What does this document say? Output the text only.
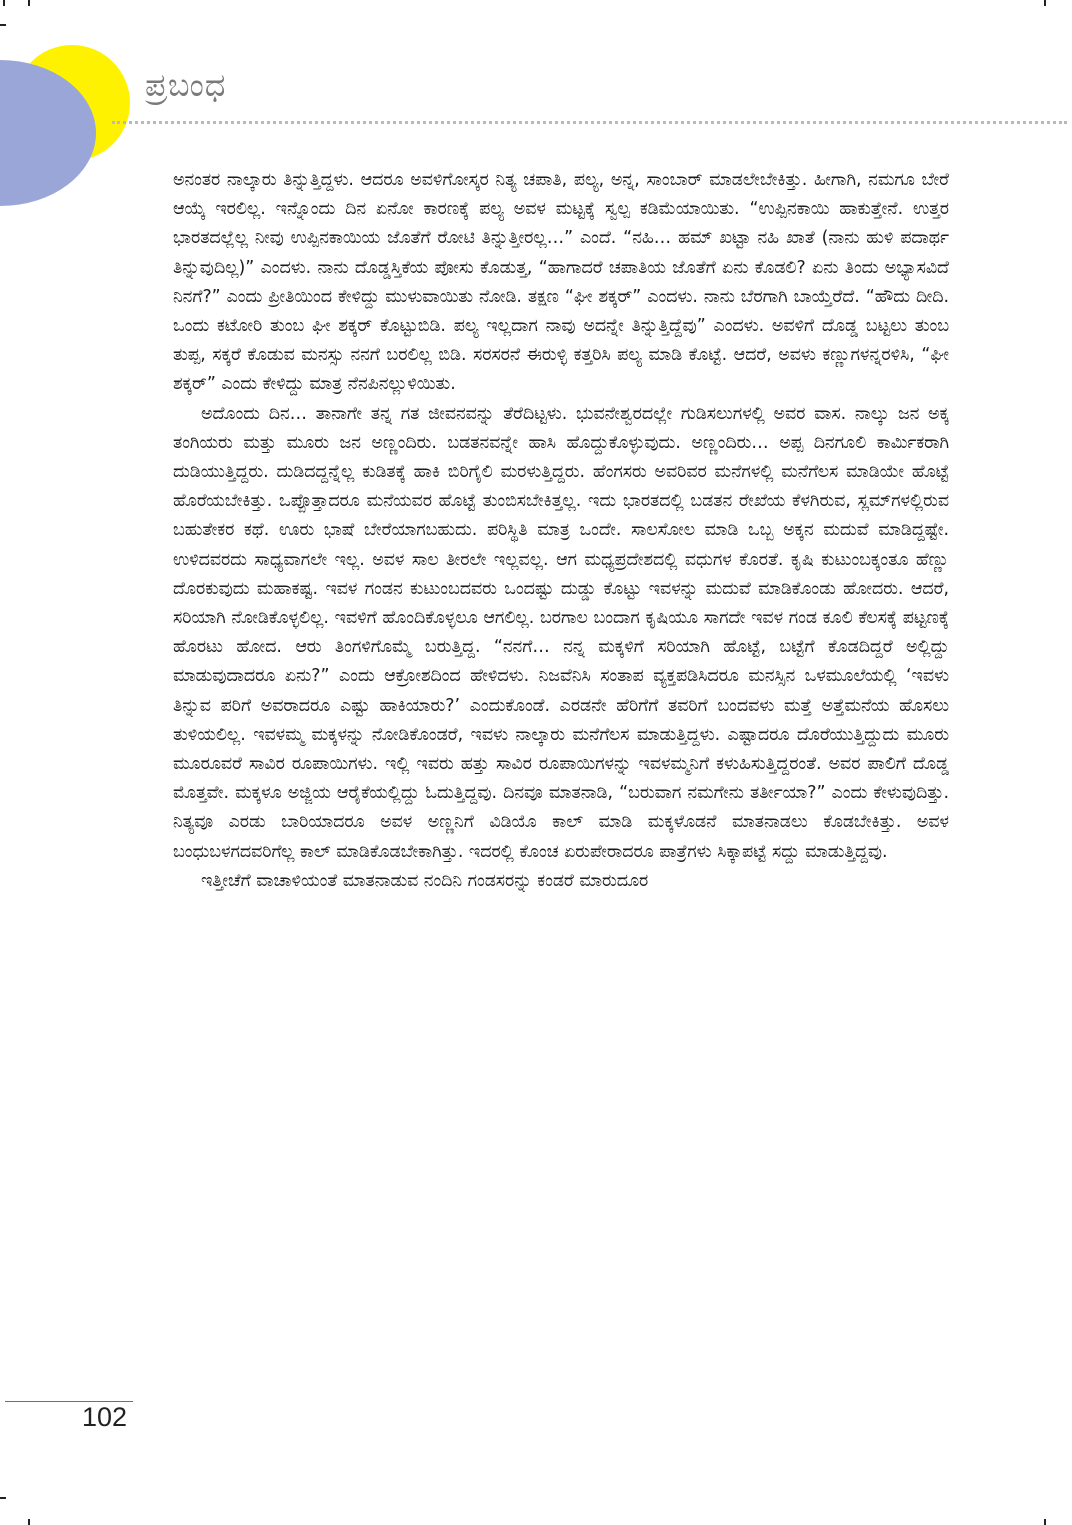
ಪ್ರಬಂಧ

ಅನಂತರ ನಾಲ್ಕಾರು ತಿನ್ನುತ್ತಿದ್ದಳು. ಆದರೂ ಅವಳಿಗೋಸ್ಕರ ನಿತ್ಯ ಚಪಾತಿ, ಪಲ್ಯ, ಅನ್ನ, ಸಾಂಬಾರ್ ಮಾಡಲೇಬೇಕಿತ್ತು. ಹೀಗಾಗಿ, ನಮಗೂ ಬೇರೆ ಆಯ್ಕೆ ಇರಲಿಲ್ಲ. ಇನ್ನೊಂದು ದಿನ ಏನೋ ಕಾರಣಕ್ಕೆ ಪಲ್ಯ ಅವಳ ಮಟ್ಟಕ್ಕೆ ಸ್ವಲ್ಪ ಕಡಿಮೆಯಾಯಿತು. “ಉಪ್ಪಿನಕಾಯಿ ಹಾಕುತ್ತೇನೆ. ಉತ್ತರ ಭಾರತದಲ್ಲೆಲ್ಲ ನೀವು ಉಪ್ಪಿನಕಾಯಿಯ ಜೊತೆಗೆ ರೋಟಿ ತಿನ್ನುತ್ತೀರಲ್ಲ…” ಎಂದೆ. “ನಹಿ… ಹಮ್ ಖಟ್ಟಾ ನಹಿ ಖಾತೆ (ನಾನು ಹುಳಿ ಪದಾರ್ಥ ತಿನ್ನುವುದಿಲ್ಲ)” ಎಂದಳು. ನಾನು ದೊಡ್ಡಸ್ತಿಕೆಯ ಪೋಸು ಕೊಡುತ್ತ, “ಹಾಗಾದರೆ ಚಪಾತಿಯ ಜೊತೆಗೆ ಏನು ಕೊಡಲಿ? ಏನು ತಿಂದು ಅಭ್ಯಾಸವಿದೆ ನಿನಗೆ?” ಎಂದು ಪ್ರೀತಿಯಿಂದ ಕೇಳಿದ್ದು ಮುಳುವಾಯಿತು ನೋಡಿ. ತಕ್ಷಣ “ಘೀ ಶಕ್ಕರ್” ಎಂದಳು. ನಾನು ಬೆರಗಾಗಿ ಬಾಯ್ತೆರೆದೆ. “ಹೌದು ದೀದಿ. ಒಂದು ಕಟೋರಿ ತುಂಬ ಘೀ ಶಕ್ಕರ್ ಕೊಟ್ಟುಬಿಡಿ. ಪಲ್ಯ ಇಲ್ಲದಾಗ ನಾವು ಅದನ್ನೇ ತಿನ್ನುತ್ತಿದ್ದೆವು” ಎಂದಳು. ಅವಳಿಗೆ ದೊಡ್ಡ ಬಟ್ಟಲು ತುಂಬ ತುಪ್ಪ, ಸಕ್ಕರೆ ಕೊಡುವ ಮನಸ್ಸು ನನಗೆ ಬರಲಿಲ್ಲ ಬಿಡಿ. ಸರಸರನೆ ಈರುಳ್ಳಿ ಕತ್ತರಿಸಿ ಪಲ್ಯ ಮಾಡಿ ಕೊಟ್ಟೆ. ಆದರೆ, ಅವಳು ಕಣ್ಣುಗಳನ್ನರಳಿಸಿ, “ಘೀ ಶಕ್ಕರ್” ಎಂದು ಕೇಳಿದ್ದು ಮಾತ್ರ ನೆನಪಿನಲ್ಲುಳಿಯಿತು.

ಅದೊಂದು ದಿನ… ತಾನಾಗೇ ತನ್ನ ಗತ ಜೀವನವನ್ನು ತೆರೆದಿಟ್ಟಳು. ಭುವನೇಶ್ವರದಲ್ಲೇ ಗುಡಿಸಲುಗಳಲ್ಲಿ ಅವರ ವಾಸ. ನಾಲ್ಕು ಜನ ಅಕ್ಕ ತಂಗಿಯರು ಮತ್ತು ಮೂರು ಜನ ಅಣ್ಣಂದಿರು. ಬಡತನವನ್ನೇ ಹಾಸಿ ಹೊದ್ದುಕೊಳ್ಳುವುದು. ಅಣ್ಣಂದಿರು… ಅಪ್ಪ ದಿನಗೂಲಿ ಕಾರ್ಮಿಕರಾಗಿ ದುಡಿಯುತ್ತಿದ್ದರು. ದುಡಿದದ್ದನ್ನೆಲ್ಲ ಕುಡಿತಕ್ಕೆ ಹಾಕಿ ಬಿರಿಗೈಲಿ ಮರಳುತ್ತಿದ್ದರು. ಹೆಂಗಸರು ಅವರಿವರ ಮನೆಗಳಲ್ಲಿ ಮನೆಗೆಲಸ ಮಾಡಿಯೇ ಹೊಟ್ಟೆ ಹೊರೆಯಬೇಕಿತ್ತು. ಒಪ್ಪೊತ್ತಾದರೂ ಮನೆಯವರ ಹೊಟ್ಟೆ ತುಂಬಿಸಬೇಕಿತ್ತಲ್ಲ. ಇದು ಭಾರತದಲ್ಲಿ ಬಡತನ ರೇಖೆಯ ಕೆಳಗಿರುವ, ಸ್ಲಮ್‌ಗಳಲ್ಲಿರುವ ಬಹುತೇಕರ ಕಥೆ. ಊರು ಭಾಷೆ ಬೇರೆಯಾಗಬಹುದು. ಪರಿಸ್ಥಿತಿ ಮಾತ್ರ ಒಂದೇ. ಸಾಲಸೋಲ ಮಾಡಿ ಒಬ್ಬ ಅಕ್ಕನ ಮದುವೆ ಮಾಡಿದ್ದಷ್ಟೇ. ಉಳಿದವರದು ಸಾಧ್ಯವಾಗಲೇ ಇಲ್ಲ. ಅವಳ ಸಾಲ ತೀರಲೇ ಇಲ್ಲವಲ್ಲ. ಆಗ ಮಧ್ಯಪ್ರದೇಶದಲ್ಲಿ ವಧುಗಳ ಕೊರತೆ. ಕೃಷಿ ಕುಟುಂಬಕ್ಕಂತೂ ಹೆಣ್ಣು ದೊರಕುವುದು ಮಹಾಕಷ್ಟ. ಇವಳ ಗಂಡನ ಕುಟುಂಬದವರು ಒಂದಷ್ಟು ದುಡ್ಡು ಕೊಟ್ಟು ಇವಳನ್ನು ಮದುವೆ ಮಾಡಿಕೊಂಡು ಹೋದರು. ಆದರೆ, ಸರಿಯಾಗಿ ನೋಡಿಕೊಳ್ಳಲಿಲ್ಲ. ಇವಳಿಗೆ ಹೊಂದಿಕೊಳ್ಳಲೂ ಆಗಲಿಲ್ಲ. ಬರಗಾಲ ಬಂದಾಗ ಕೃಷಿಯೂ ಸಾಗದೇ ಇವಳ ಗಂಡ ಕೂಲಿ ಕೆಲಸಕ್ಕೆ ಪಟ್ಟಣಕ್ಕೆ ಹೊರಟು ಹೋದ. ಆರು ತಿಂಗಳಿಗೊಮ್ಮೆ ಬರುತ್ತಿದ್ದ. “ನನಗೆ… ನನ್ನ ಮಕ್ಕಳಿಗೆ ಸರಿಯಾಗಿ ಹೊಟ್ಟೆ, ಬಟ್ಟೆಗೆ ಕೊಡದಿದ್ದರೆ ಅಲ್ಲಿದ್ದು ಮಾಡುವುದಾದರೂ ಏನು?” ಎಂದು ಆಕ್ರೋಶದಿಂದ ಹೇಳಿದಳು. ನಿಜವೆನಿಸಿ ಸಂತಾಪ ವ್ಯಕ್ತಪಡಿಸಿದರೂ ಮನಸ್ಸಿನ ಒಳಮೂಲೆಯಲ್ಲಿ ‘ಇವಳು ತಿನ್ನುವ ಪರಿಗೆ ಅವರಾದರೂ ಎಷ್ಟು ಹಾಕಿಯಾರು?’ ಎಂದುಕೊಂಡೆ. ಎರಡನೇ ಹೆರಿಗೆಗೆ ತವರಿಗೆ ಬಂದವಳು ಮತ್ತೆ ಅತ್ತೆಮನೆಯ ಹೊಸಲು ತುಳಿಯಲಿಲ್ಲ. ಇವಳಮ್ಮ ಮಕ್ಕಳನ್ನು ನೋಡಿಕೊಂಡರೆ, ಇವಳು ನಾಲ್ಕಾರು ಮನೆಗೆಲಸ ಮಾಡುತ್ತಿದ್ದಳು. ಎಷ್ಟಾದರೂ ದೊರೆಯುತ್ತಿದ್ದುದು ಮೂರು ಮೂರೂವರೆ ಸಾವಿರ ರೂಪಾಯಿಗಳು. ಇಲ್ಲಿ ಇವರು ಹತ್ತು ಸಾವಿರ ರೂಪಾಯಿಗಳನ್ನು ಇವಳಮ್ಮನಿಗೆ ಕಳುಹಿಸುತ್ತಿದ್ದರಂತೆ. ಅವರ ಪಾಲಿಗೆ ದೊಡ್ಡ ಮೊತ್ತವೇ. ಮಕ್ಕಳೂ ಅಜ್ಜಿಯ ಆರೈಕೆಯಲ್ಲಿದ್ದು ಓದುತ್ತಿದ್ದವು. ದಿನವೂ ಮಾತನಾಡಿ, “ಬರುವಾಗ ನಮಗೇನು ತರ್ತೀಯಾ?” ಎಂದು ಕೇಳುವುದಿತ್ತು. ನಿತ್ಯವೂ ಎರಡು ಬಾರಿಯಾದರೂ ಅವಳ ಅಣ್ಣನಿಗೆ ವಿಡಿಯೊ ಕಾಲ್ ಮಾಡಿ ಮಕ್ಕಳೊಡನೆ ಮಾತನಾಡಲು ಕೊಡಬೇಕಿತ್ತು. ಅವಳ ಬಂಧುಬಳಗದವರಿಗೆಲ್ಲ ಕಾಲ್ ಮಾಡಿಕೊಡಬೇಕಾಗಿತ್ತು. ಇದರಲ್ಲಿ ಕೊಂಚ ಏರುಪೇರಾದರೂ ಪಾತ್ರೆಗಳು ಸಿಕ್ಕಾಪಟ್ಟೆ ಸದ್ದು ಮಾಡುತ್ತಿದ್ದವು.

ಇತ್ತೀಚೆಗೆ ವಾಚಾಳಿಯಂತೆ ಮಾತನಾಡುವ ನಂದಿನಿ ಗಂಡಸರನ್ನು ಕಂಡರೆ ಮಾರುದೂರ

102
